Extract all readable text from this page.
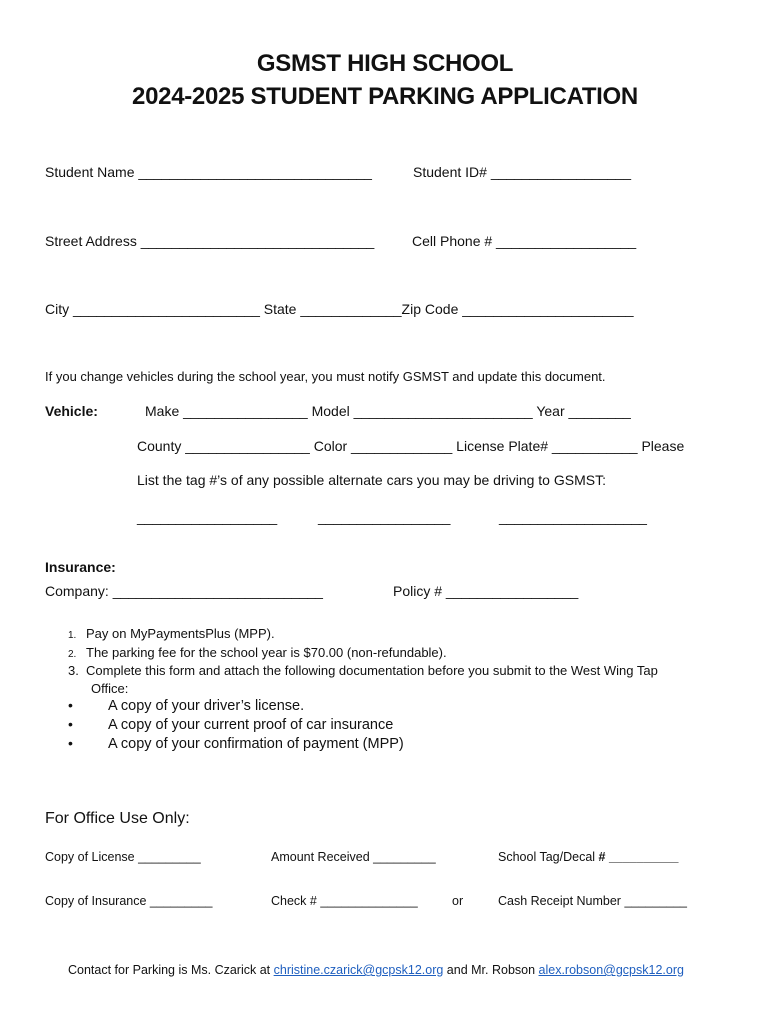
GSMST HIGH SCHOOL
2024-2025 STUDENT PARKING APPLICATION
Student Name ______________________________	Student ID# __________________
Street Address ______________________________	Cell Phone # __________________
City ________________________ State _____________Zip Code ______________________
If you change vehicles during the school year, you must notify GSMST and update this document.
Vehicle:	Make ________________ Model _______________________ Year ________
County ________________ Color _____________ License Plate# ___________ Please
List the tag #’s of any possible alternate cars you may be driving to GSMST:
__________________	_________________	___________________
Insurance:
Company: ___________________________	Policy # _________________
1. Pay on MyPaymentsPlus (MPP).
2. The parking fee for the school year is $70.00 (non-refundable).
3. Complete this form and attach the following documentation before you submit to the West Wing Tap
Office:
• A copy of your driver’s license.
• A copy of your current proof of car insurance
• A copy of your confirmation of payment (MPP)
For Office Use Only:
Copy of License _________	Amount Received _________	School Tag/Decal # __________
Copy of Insurance _________	Check # ______________	or	Cash Receipt Number _________
Contact for Parking is Ms. Czarick at christine.czarick@gcpsk12.org and Mr. Robson alex.robson@gcpsk12.org
